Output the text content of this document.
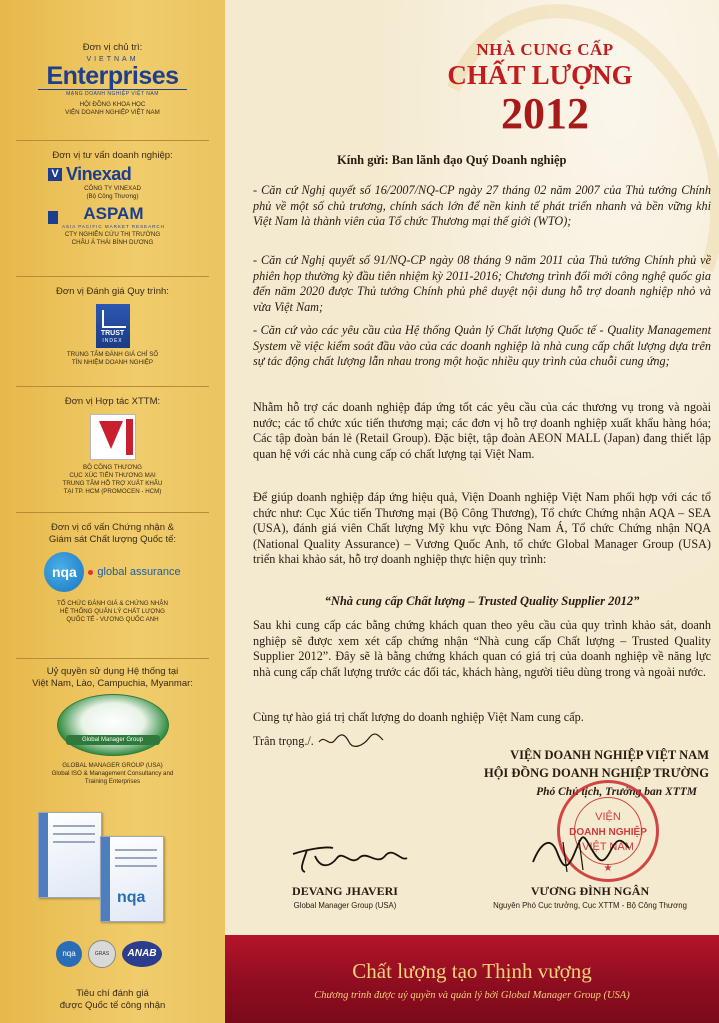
Đơn vị chủ trì:
VIETNAM
Enterprises
MẠNG DOANH NGHIỆP VIỆT NAM
HỘI ĐỒNG KHOA HỌC
VIỆN DOANH NGHIỆP VIỆT NAM
Đơn vị tư vấn doanh nghiệp:
V Vinexad
CÔNG TY VINEXAD
(Bộ Công Thương)
ASPAM
ASIA PACIFIC MARKET RESEARCH
CTY NGHIÊN CỨU THỊ TRƯỜNG
CHÂU Á THÁI BÌNH DƯƠNG
Đơn vị Đánh giá Quy trình:
TRUST
INDEX
TRUNG TÂM ĐÁNH GIÁ CHỈ SỐ
TÍN NHIỆM DOANH NGHIỆP
Đơn vị Hợp tác XTTM:
BỘ CÔNG THƯƠNG
CỤC XÚC TIẾN THƯƠNG MẠI
TRUNG TÂM HỖ TRỢ XUẤT KHẨU
TẠI TP. HCM (PROMOCEN - HCM)
Đơn vị cố vấn Chứng nhận &
Giám sát Chất lượng Quốc tế:
nqa	global assurance
TỔ CHỨC ĐÁNH GIÁ & CHỨNG NHẬN
HỆ THỐNG QUẢN LÝ CHẤT LƯỢNG
QUỐC TẾ - VƯƠNG QUỐC ANH
Uỷ quyền sử dụng Hệ thống tại
Việt Nam, Lào, Campuchia, Myanmar:
Global Manager Group
GLOBAL MANAGER GROUP (USA)
Global ISO & Management Consultancy and
Training Enterprises
nqa
nqa	GRAS	ANAB
Tiêu chí đánh giá
được Quốc tế công nhận
NHÀ CUNG CẤP
CHẤT LƯỢNG
2012
Kính gửi: Ban lãnh đạo Quý Doanh nghiệp

- Căn cứ Nghị quyết số 16/2007/NQ-CP ngày 27 tháng 02 năm 2007 của Thủ tướng Chính phủ về một số chủ trương, chính sách lớn để nền kinh tế phát triển nhanh và bền vững khi Việt Nam là thành viên của Tổ chức Thương mại thế giới (WTO);

- Căn cứ Nghị quyết số 91/NQ-CP ngày 08 tháng 9 năm 2011 của Thủ tướng Chính phủ về phiên họp thường kỳ đầu tiên nhiệm kỳ 2011-2016; Chương trình đổi mới công nghệ quốc gia đến năm 2020 được Thủ tướng Chính phủ phê duyệt nội dung hỗ trợ doanh nghiệp nhỏ và vừa Việt Nam;

- Căn cứ vào các yêu cầu của Hệ thống Quản lý Chất lượng Quốc tế - Quality Management System về việc kiểm soát đầu vào của các doanh nghiệp là nhà cung cấp chất lượng dựa trên sự tác động chất lượng lẫn nhau trong một hoặc nhiều quy trình của chuỗi cung ứng;

Nhằm hỗ trợ các doanh nghiệp đáp ứng tốt các yêu cầu của các thương vụ trong và ngoài nước; các tổ chức xúc tiến thương mại; các đơn vị hỗ trợ doanh nghiệp xuất khẩu hàng hóa; Các tập đoàn bán lẻ (Retail Group). Đặc biệt, tập đoàn AEON MALL (Japan) đang thiết lập quan hệ với các nhà cung cấp có chất lượng tại Việt Nam.

Để giúp doanh nghiệp đáp ứng hiệu quả, Viện Doanh nghiệp Việt Nam phối hợp với các tổ chức như: Cục Xúc tiến Thương mại (Bộ Công Thương), Tổ chức Chứng nhận AQA – SEA (USA), đánh giá viên Chất lượng Mỹ khu vực Đông Nam Á, Tổ chức Chứng nhận NQA (National Quality Assurance) – Vương Quốc Anh, tổ chức Global Manager Group (USA) triển khai khảo sát, hỗ trợ doanh nghiệp thực hiện quy trình:

“Nhà cung cấp Chất lượng – Trusted Quality Supplier 2012”

Sau khi cung cấp các bằng chứng khách quan theo yêu cầu của quy trình khảo sát, doanh nghiệp sẽ được xem xét cấp chứng nhận “Nhà cung cấp Chất lượng – Trusted Quality Supplier 2012”. Đây sẽ là bằng chứng khách quan có giá trị của doanh nghiệp về năng lực nhà cung cấp chất lượng trước các đối tác, khách hàng, người tiêu dùng trong và ngoài nước.

Cùng tự hào giá trị chất lượng do doanh nghiệp Việt Nam cung cấp.

Trân trọng./.
VIỆN DOANH NGHIỆP VIỆT NAM
HỘI ĐỒNG DOANH NGHIỆP TRƯỜNG
Phó Chủ tịch, Trưởng ban XTTM
VIỆN
DOANH NGHIỆP
VIỆT NAM
★
DEVANG JHAVERI
Global Manager Group (USA)
VƯƠNG ĐÌNH NGÂN
Nguyên Phó Cục trưởng, Cục XTTM - Bộ Công Thương
Chất lượng tạo Thịnh vượng
Chương trình được uỷ quyền và quản lý bởi Global Manager Group (USA)
